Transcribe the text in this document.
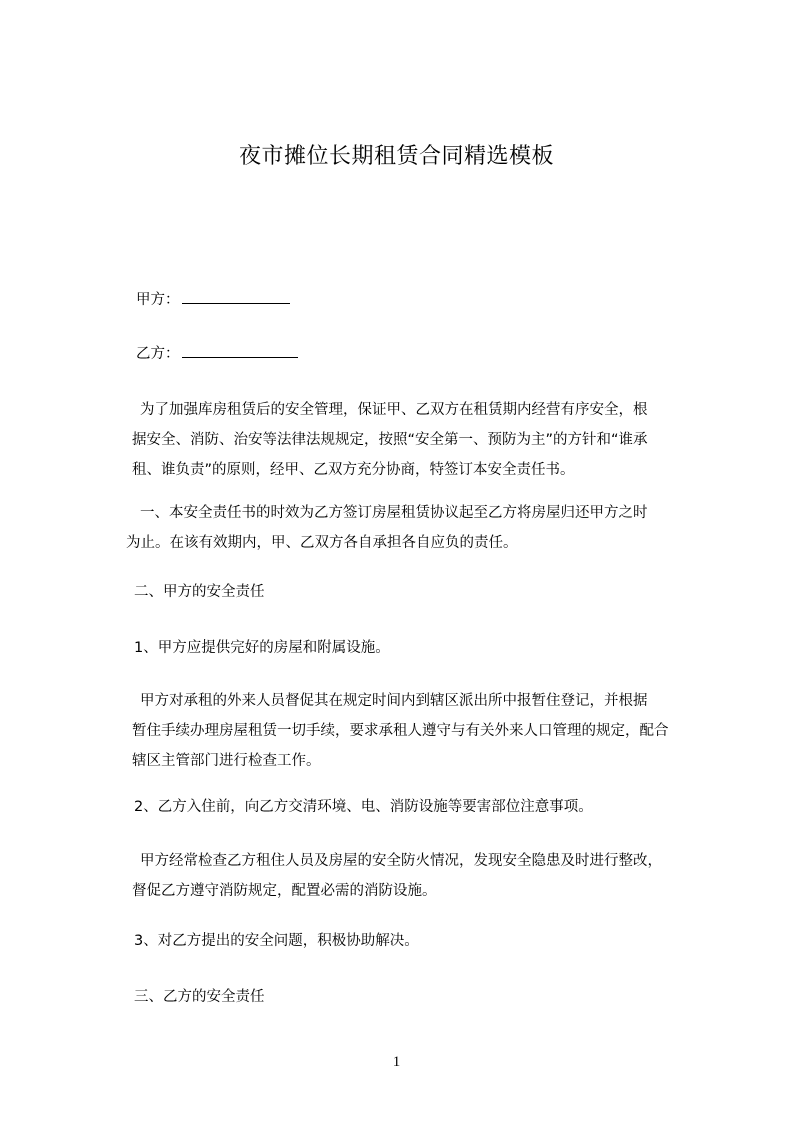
夜市摊位长期租赁合同精选模板
甲方：
乙方：
为了加强库房租赁后的安全管理，保证甲、乙双方在租赁期内经营有序安全，根
据安全、消防、治安等法律法规规定，按照“安全第一、预防为主”的方针和“谁承
租、谁负责”的原则，经甲、乙双方充分协商，特签订本安全责任书。
一、本安全责任书的时效为乙方签订房屋租赁协议起至乙方将房屋归还甲方之时
为止。在该有效期内，甲、乙双方各自承担各自应负的责任。
二、甲方的安全责任
1、甲方应提供完好的房屋和附属设施。
甲方对承租的外来人员督促其在规定时间内到辖区派出所中报暂住登记，并根据
暂住手续办理房屋租赁一切手续，要求承租人遵守与有关外来人口管理的规定，配合
辖区主管部门进行检查工作。
2、乙方入住前，向乙方交清环境、电、消防设施等要害部位注意事项。
甲方经常检查乙方租住人员及房屋的安全防火情况，发现安全隐患及时进行整改，
督促乙方遵守消防规定，配置必需的消防设施。
3、对乙方提出的安全问题，积极协助解决。
三、乙方的安全责任
1
